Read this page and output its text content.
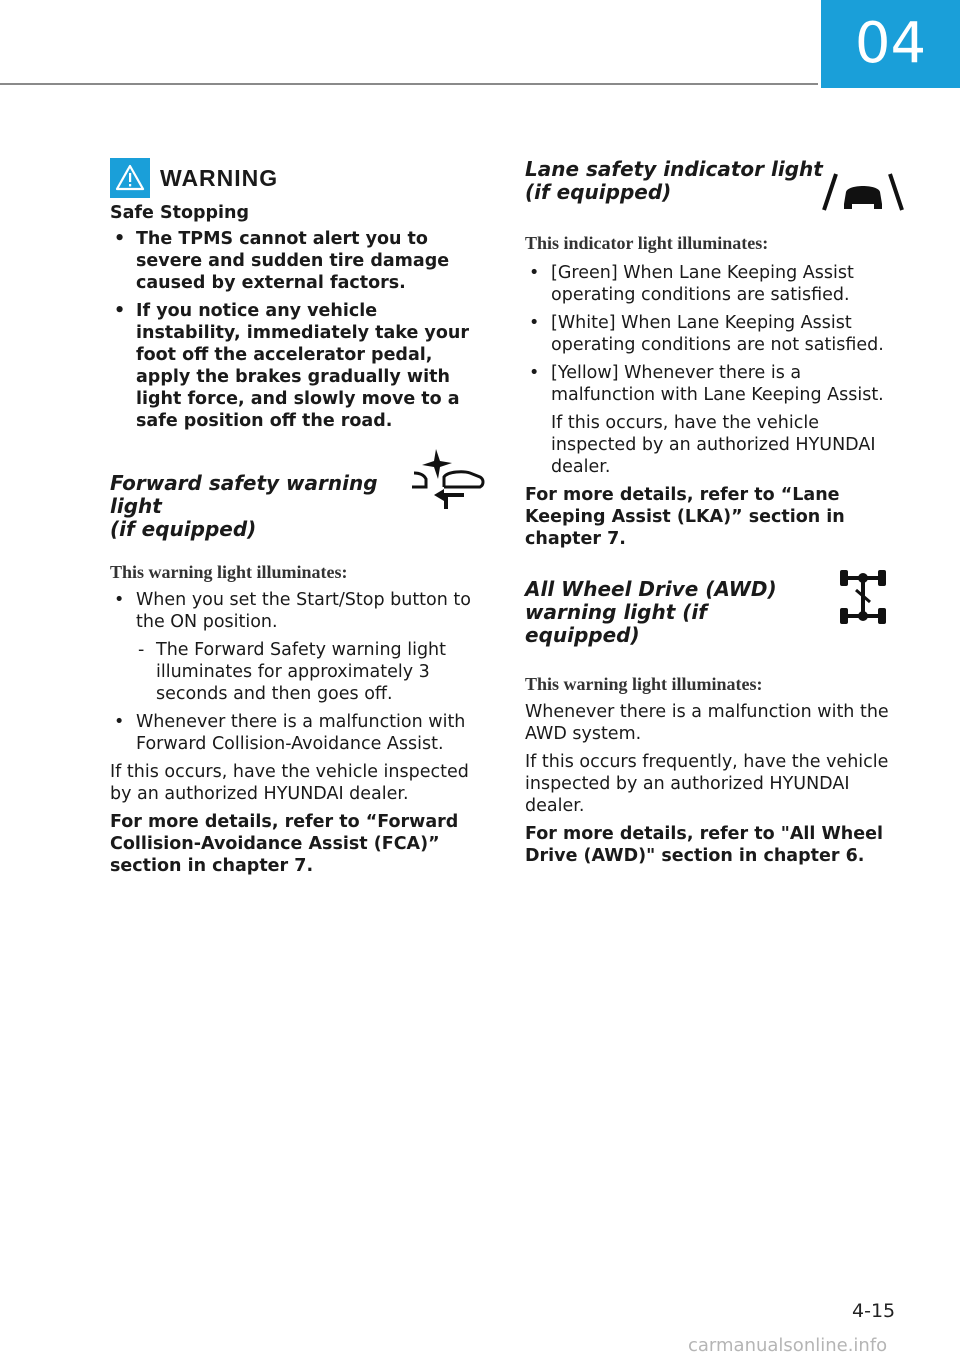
04
WARNING

Safe Stopping

• The TPMS cannot alert you to severe and sudden tire damage caused by external factors.
• If you notice any vehicle instability, immediately take your foot off the accelerator pedal, apply the brakes gradually with light force, and slowly move to a safe position off the road.
Forward safety warning light
(if equipped)

This warning light illuminates:

• When you set the Start/Stop button to the ON position.
- The Forward Safety warning light illuminates for approximately 3 seconds and then goes off.
• Whenever there is a malfunction with Forward Collision-Avoidance Assist.

If this occurs, have the vehicle inspected by an authorized HYUNDAI dealer.

For more details, refer to “Forward Collision-Avoidance Assist (FCA)” section in chapter 7.

Lane safety indicator light
(if equipped)

This indicator light illuminates:

• [Green] When Lane Keeping Assist operating conditions are satisfied.
• [White] When Lane Keeping Assist operating conditions are not satisfied.
• [Yellow] Whenever there is a malfunction with Lane Keeping Assist.
If this occurs, have the vehicle inspected by an authorized HYUNDAI dealer.

For more details, refer to “Lane Keeping Assist (LKA)” section in chapter 7.

All Wheel Drive (AWD)
warning light (if equipped)

This warning light illuminates:

Whenever there is a malfunction with the AWD system.

If this occurs frequently, have the vehicle inspected by an authorized HYUNDAI dealer.

For more details, refer to "All Wheel Drive (AWD)" section in chapter 6.

4-15
carmanualsonline.info
